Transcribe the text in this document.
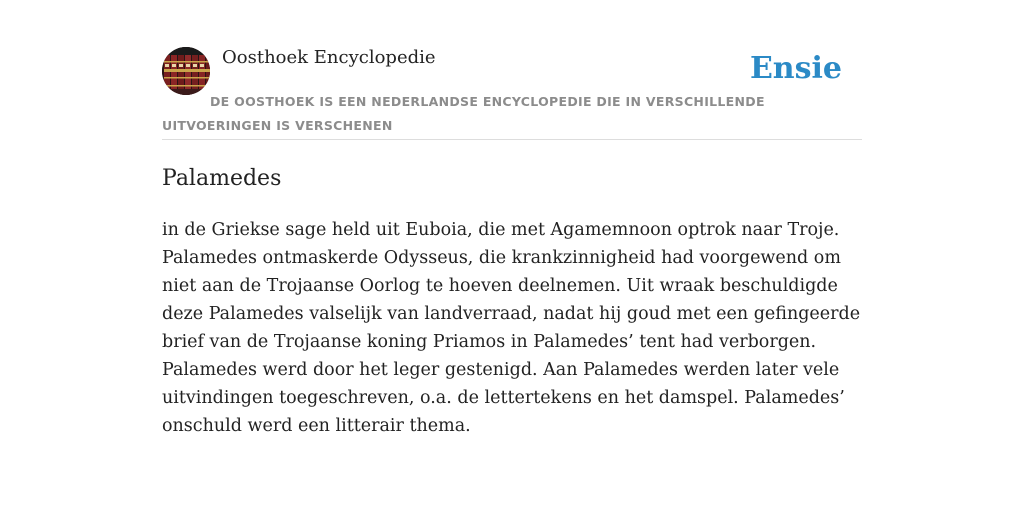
Oosthoek Encyclopedie	Ensie

DE OOSTHOEK IS EEN NEDERLANDSE ENCYCLOPEDIE DIE IN VERSCHILLENDE UITVOERINGEN IS VERSCHENEN

Palamedes

in de Griekse sage held uit Euboia, die met Agamemnoon optrok naar Troje. Palamedes ontmaskerde Odysseus, die krankzinnigheid had voorgewend om niet aan de Trojaanse Oorlog te hoeven deelnemen. Uit wraak beschuldigde deze Palamedes valselijk van landverraad, nadat hij goud met een gefingeerde brief van de Trojaanse koning Priamos in Palamedes’ tent had verborgen. Palamedes werd door het leger gestenigd. Aan Palamedes werden later vele uitvindingen toegeschreven, o.a. de lettertekens en het damspel. Palamedes’ onschuld werd een litterair thema.
